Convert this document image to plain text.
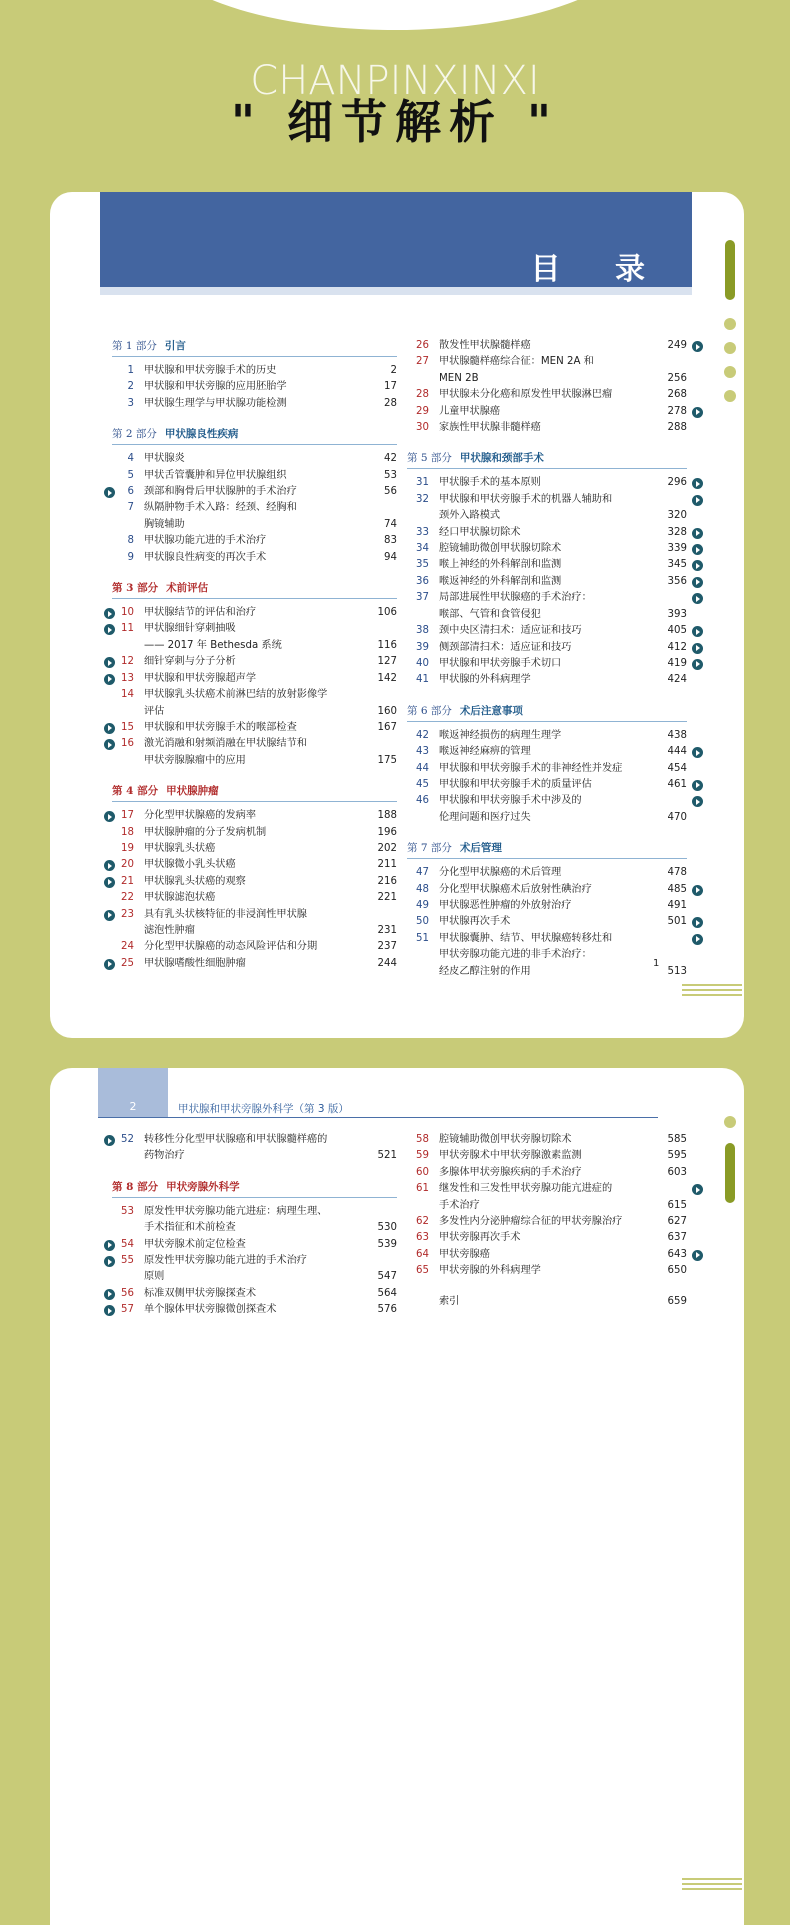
CHANPINXINXI
" 细节解析 "
目 录
第 1 部分 引言
1 甲状腺和甲状旁腺手术的历史	2
2 甲状腺和甲状旁腺的应用胚胎学	17
3 甲状腺生理学与甲状腺功能检测	28
第 2 部分 甲状腺良性疾病
4 甲状腺炎	42
5 甲状舌管囊肿和异位甲状腺组织	53
6 颈部和胸骨后甲状腺肿的手术治疗	56
7 纵隔肿物手术入路：经颈、经胸和
胸镜辅助	74
8 甲状腺功能亢进的手术治疗	83
9 甲状腺良性病变的再次手术	94
第 3 部分 术前评估
10 甲状腺结节的评估和治疗	106
11 甲状腺细针穿刺抽吸
—— 2017 年 Bethesda 系统	116
12 细针穿刺与分子分析	127
13 甲状腺和甲状旁腺超声学	142
14 甲状腺乳头状癌术前淋巴结的放射影像学
评估	160
15 甲状腺和甲状旁腺手术的喉部检查	167
16 激光消融和射频消融在甲状腺结节和
甲状旁腺腺瘤中的应用	175
第 4 部分 甲状腺肿瘤
17 分化型甲状腺癌的发病率	188
18 甲状腺肿瘤的分子发病机制	196
19 甲状腺乳头状癌	202
20 甲状腺微小乳头状癌	211
21 甲状腺乳头状癌的观察	216
22 甲状腺滤泡状癌	221
23 具有乳头状核特征的非浸润性甲状腺
滤泡性肿瘤	231
24 分化型甲状腺癌的动态风险评估和分期	237
25 甲状腺嗜酸性细胞肿瘤	244
26 散发性甲状腺髓样癌	249
27 甲状腺髓样癌综合征：MEN 2A 和
MEN 2B	256
28 甲状腺未分化癌和原发性甲状腺淋巴瘤	268
29 儿童甲状腺癌	278
30 家族性甲状腺非髓样癌	288
第 5 部分 甲状腺和颈部手术
31 甲状腺手术的基本原则	296
32 甲状腺和甲状旁腺手术的机器人辅助和
颈外入路模式	320
33 经口甲状腺切除术	328
34 腔镜辅助微创甲状腺切除术	339
35 喉上神经的外科解剖和监测	345
36 喉返神经的外科解剖和监测	356
37 局部进展性甲状腺癌的手术治疗：
喉部、气管和食管侵犯	393
38 颈中央区清扫术：适应证和技巧	405
39 侧颈部清扫术：适应证和技巧	412
40 甲状腺和甲状旁腺手术切口	419
41 甲状腺的外科病理学	424
第 6 部分 术后注意事项
42 喉返神经损伤的病理生理学	438
43 喉返神经麻痹的管理	444
44 甲状腺和甲状旁腺手术的非神经性并发症	454
45 甲状腺和甲状旁腺手术的质量评估	461
46 甲状腺和甲状旁腺手术中涉及的
伦理问题和医疗过失	470
第 7 部分 术后管理
47 分化型甲状腺癌的术后管理	478
48 分化型甲状腺癌术后放射性碘治疗	485
49 甲状腺恶性肿瘤的外放射治疗	491
50 甲状腺再次手术	501
51 甲状腺囊肿、结节、甲状腺癌转移灶和
甲状旁腺功能亢进的非手术治疗：
经皮乙醇注射的作用	513
1
2	甲状腺和甲状旁腺外科学（第 3 版）
52 转移性分化型甲状腺癌和甲状腺髓样癌的
药物治疗	521
第 8 部分 甲状旁腺外科学
53 原发性甲状旁腺功能亢进症：病理生理、
手术指征和术前检查	530
54 甲状旁腺术前定位检查	539
55 原发性甲状旁腺功能亢进的手术治疗
原则	547
56 标准双侧甲状旁腺探查术	564
57 单个腺体甲状旁腺微创探查术	576
58 腔镜辅助微创甲状旁腺切除术	585
59 甲状旁腺术中甲状旁腺激素监测	595
60 多腺体甲状旁腺疾病的手术治疗	603
61 继发性和三发性甲状旁腺功能亢进症的
手术治疗	615
62 多发性内分泌肿瘤综合征的甲状旁腺治疗	627
63 甲状旁腺再次手术	637
64 甲状旁腺癌	643
65 甲状旁腺的外科病理学	650
索引	659
